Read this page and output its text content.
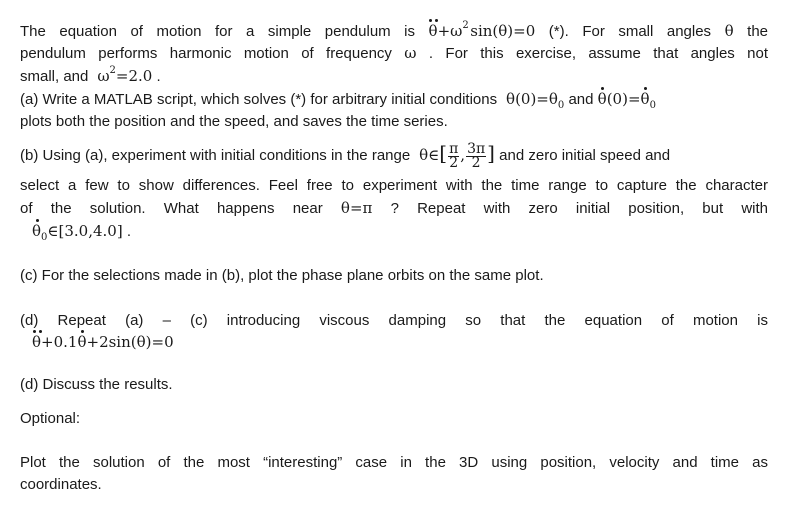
The equation of motion for a simple pendulum is $\theta+\omega^2$ sin(θ)=0 (*). For small angles θ the
pendulum performs harmonic motion of frequency ω . For this exercise, assume that angles not
small, and  $\omega^2=2.0$ .
(a) Write a MATLAB script, which solves (*) for arbitrary initial conditions  $\theta(0)=\theta_0$ and $\theta(0)=\theta_0$
plots both the position and the speed, and saves the time series.
(b) Using (a), experiment with initial conditions in the range  θ∈[ $\frac{\pi}{2}$ , $\frac{3\pi}{2}$ ] and zero initial speed and
select a few to show differences. Feel free to experiment with the time range to capture the character
of the solution. What happens near θ=π ? Repeat with zero initial position, but with
$\theta_0\in[3.0,4.0]$ .
(c) For the selections made in (b), plot the phase plane orbits on the same plot.
(d) Repeat (a) – (c) introducing viscous damping so that the equation of motion is
θ+0.1θ+2sin(θ)=0
(d) Discuss the results.
Optional:
Plot the solution of the most “interesting” case in the 3D using position, velocity and time as
coordinates.
